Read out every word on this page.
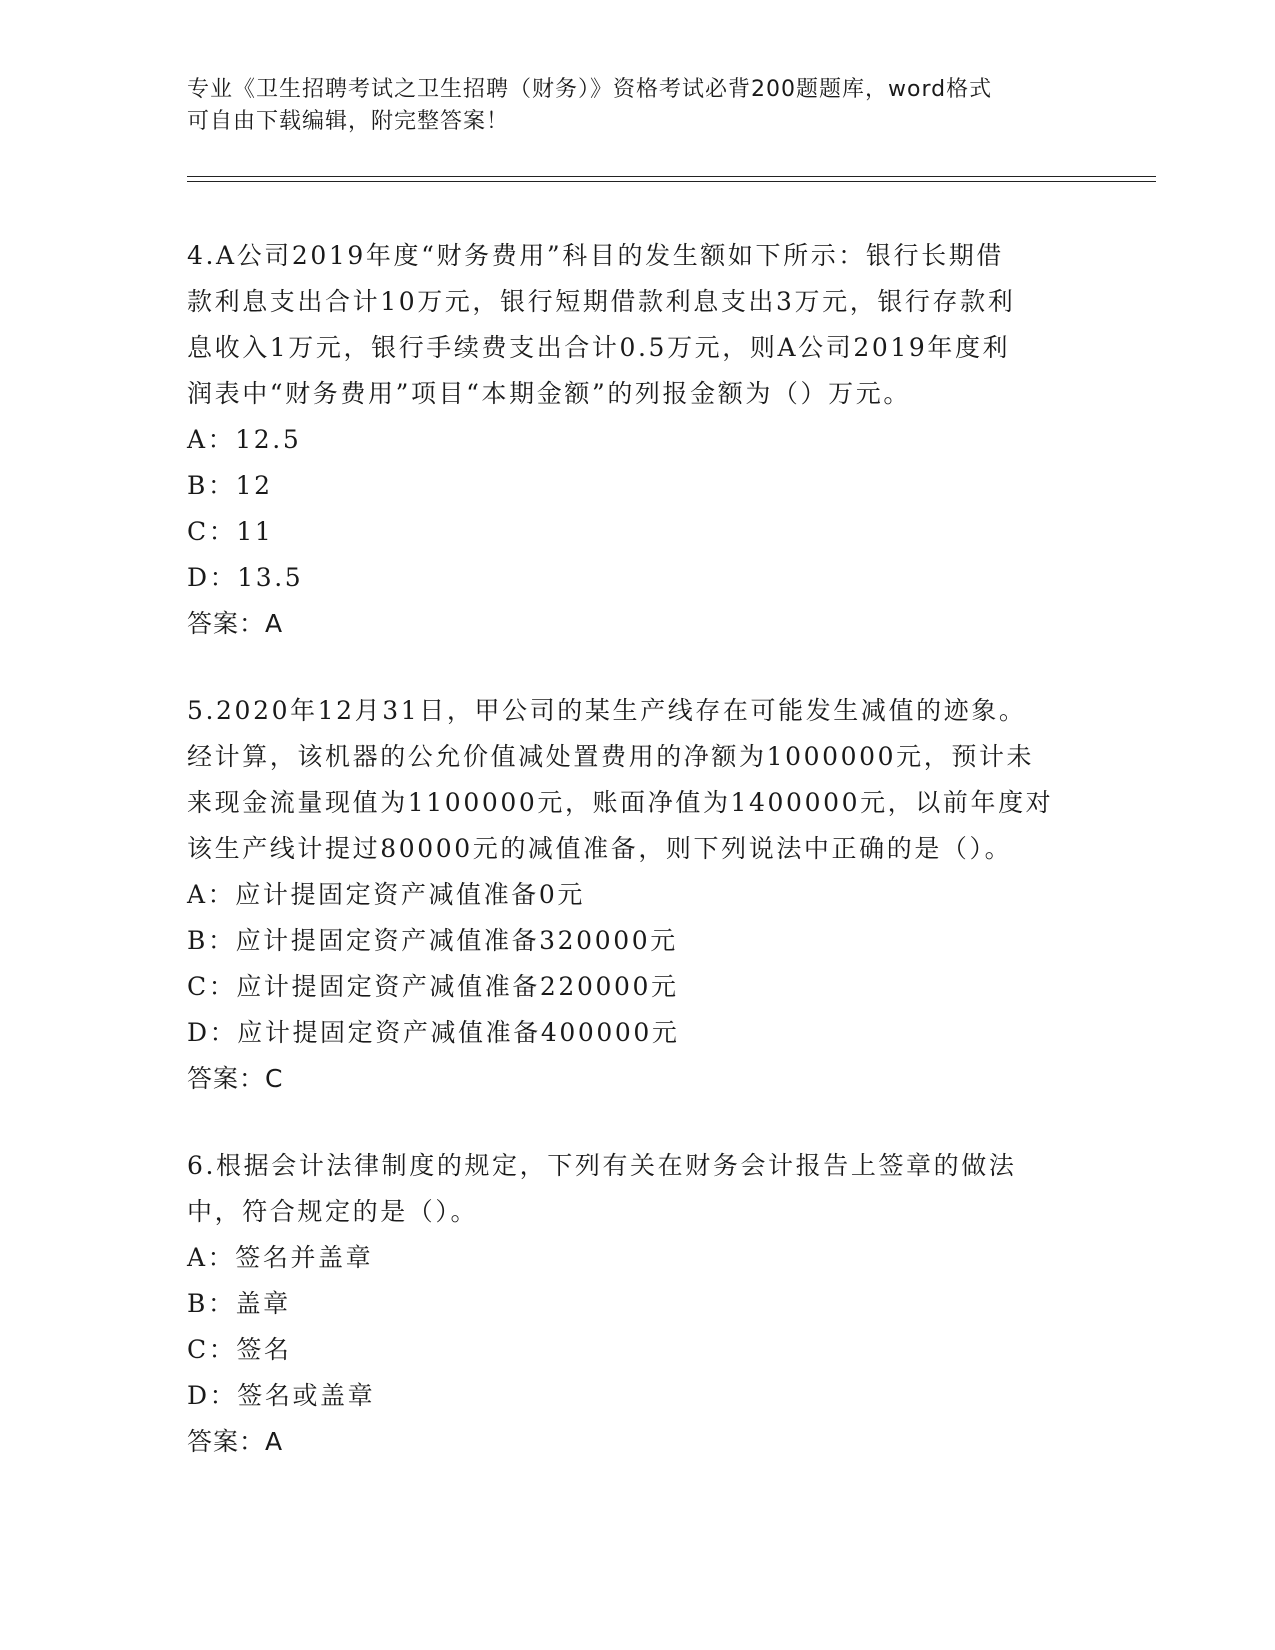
专业《卫生招聘考试之卫生招聘（财务）》资格考试必背200题题库，word格式
可自由下载编辑，附完整答案！
4.A公司2019年度“财务费用”科目的发生额如下所示：银行长期借
款利息支出合计10万元，银行短期借款利息支出3万元，银行存款利
息收入1万元，银行手续费支出合计0.5万元，则A公司2019年度利
润表中“财务费用”项目“本期金额”的列报金额为（）万元。
A：12.5
B：12
C：11
D：13.5
答案：A
5.2020年12月31日，甲公司的某生产线存在可能发生减值的迹象。
经计算，该机器的公允价值减处置费用的净额为1000000元，预计未
来现金流量现值为1100000元，账面净值为1400000元，以前年度对
该生产线计提过80000元的减值准备，则下列说法中正确的是（）。
A：应计提固定资产减值准备0元
B：应计提固定资产减值准备320000元
C：应计提固定资产减值准备220000元
D：应计提固定资产减值准备400000元
答案：C
6.根据会计法律制度的规定，下列有关在财务会计报告上签章的做法
中，符合规定的是（）。
A：签名并盖章
B：盖章
C：签名
D：签名或盖章
答案：A
